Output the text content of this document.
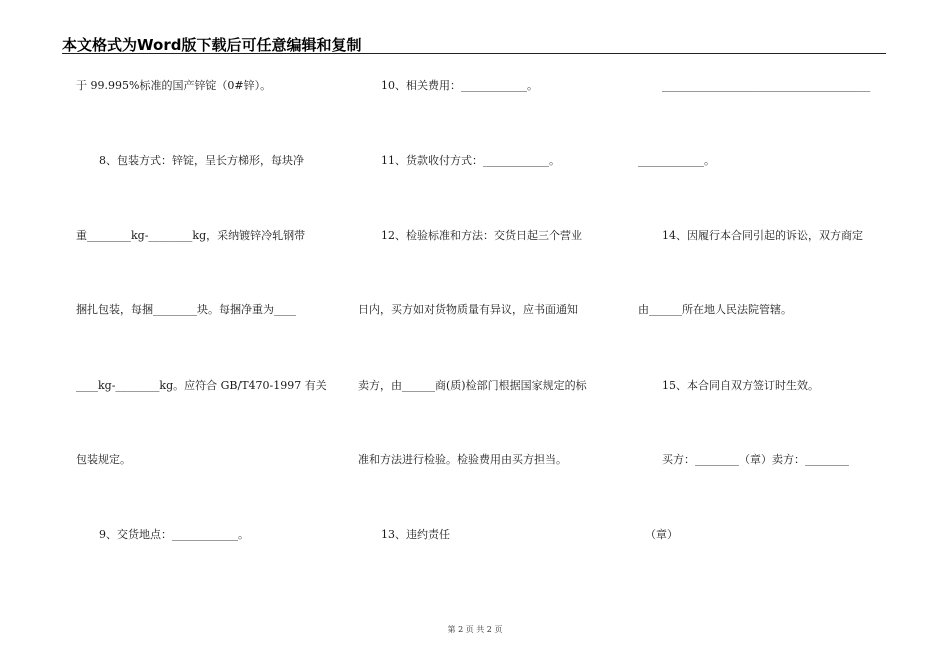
本文格式为Word版下载后可任意编辑和复制
于 99.995%标准的国产锌锭（0#锌）。
8、包装方式：锌锭，呈长方梯形，每块净
重________kg-________kg，采纳镀锌冷轧钢带
捆扎包装，每捆________块。每捆净重为____
____kg-________kg。应符合 GB/T470-1997 有关
包装规定。
9、交货地点：____________。
10、相关费用：____________。
11、货款收付方式：____________。
12、检验标准和方法：交货日起三个营业
日内，买方如对货物质量有异议，应书面通知
卖方，由______商(质)检部门根据国家规定的标
准和方法进行检验。检验费用由买方担当。
13、违约责任
________________________________________
____________。
14、因履行本合同引起的诉讼，双方商定
由______所在地人民法院管辖。
15、本合同自双方签订时生效。
买方：________（章）卖方：________
（章）
第 2 页 共 2 页
